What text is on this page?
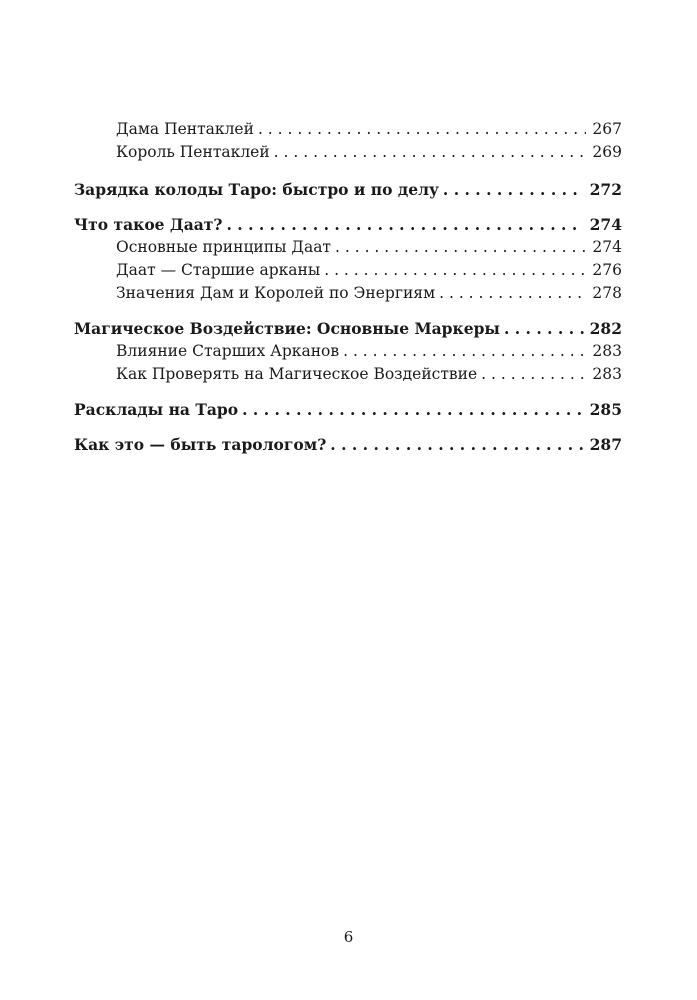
Дама Пентаклей . . .	267
Король Пентаклей . . .	269
Зарядка колоды Таро: быстро и по делу . . .	272
Что такое Даат? . . .	274
Основные принципы Даат . . .	274
Даат — Старшие арканы . . .	276
Значения Дам и Королей по Энергиям . . .	278
Магическое Воздействие: Основные Маркеры . . .	282
Влияние Старших Арканов . . .	283
Как Проверять на Магическое Воздействие . . .	283
Расклады на Таро . . .	285
Как это — быть тарологом? . . .	287
6
